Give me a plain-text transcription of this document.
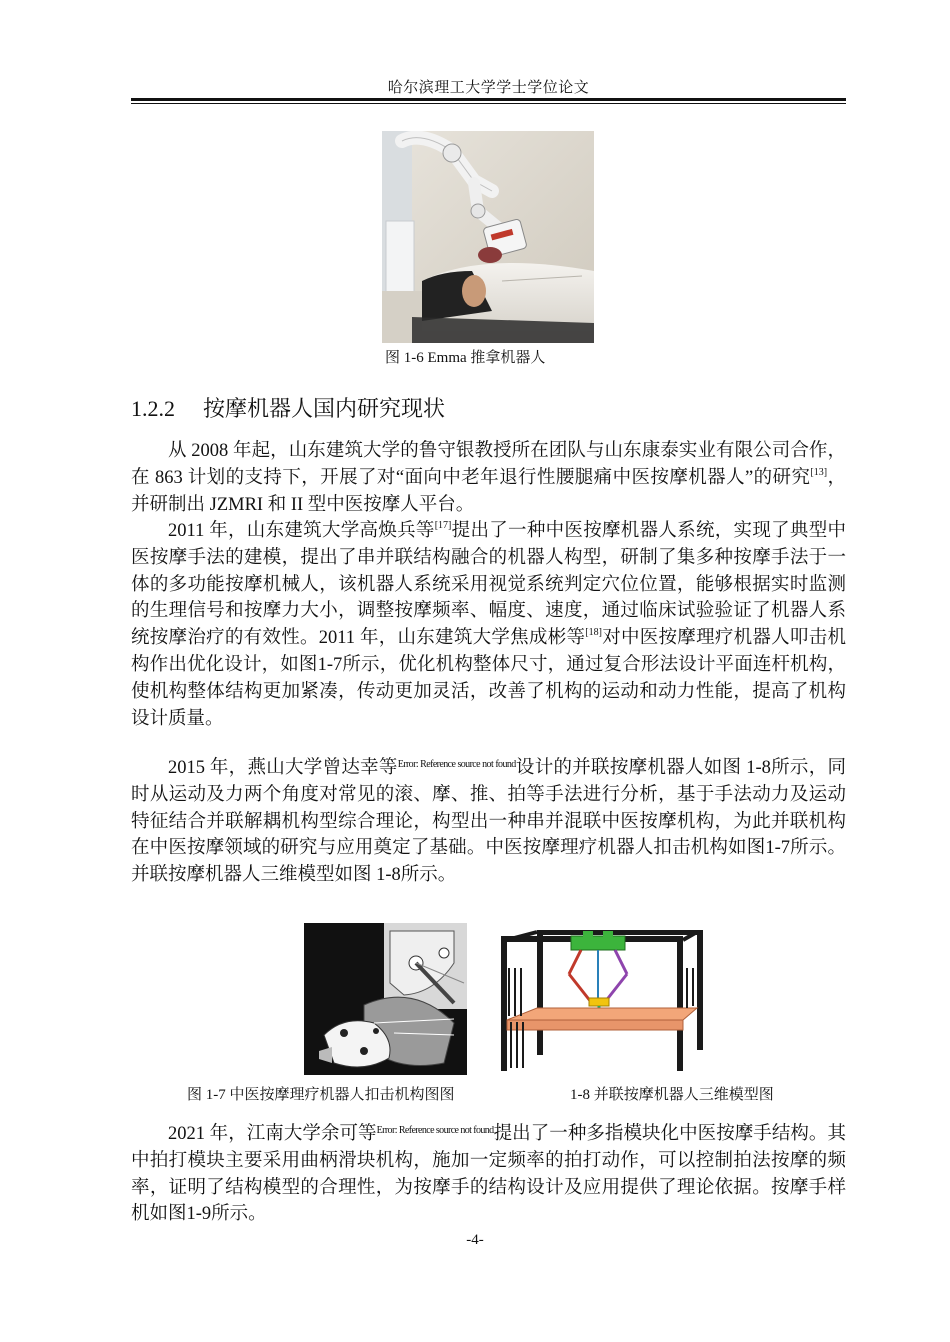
哈尔滨理工大学学士学位论文
图 1-6 Emma 推拿机器人
1.2.2 按摩机器人国内研究现状

从 2008 年起，山东建筑大学的鲁守银教授所在团队与山东康泰实业有限公司合作，在 863 计划的支持下，开展了对“面向中老年退行性腰腿痛中医按摩机器人”的研究[13]，并研制出 JZMRI 和 II 型中医按摩人平台。

2011 年，山东建筑大学高焕兵等[17]提出了一种中医按摩机器人系统，实现了典型中医按摩手法的建模，提出了串并联结构融合的机器人构型，研制了集多种按摩手法于一体的多功能按摩机械人，该机器人系统采用视觉系统判定穴位位置，能够根据实时监测的生理信号和按摩力大小，调整按摩频率、幅度、速度，通过临床试验验证了机器人系统按摩治疗的有效性。2011 年，山东建筑大学焦成彬等[18]对中医按摩理疗机器人叩击机构作出优化设计，如图1-7所示，优化机构整体尺寸，通过复合形法设计平面连杆机构，使机构整体结构更加紧凑，传动更加灵活，改善了机构的运动和动力性能，提高了机构设计质量。

2015 年，燕山大学曾达幸等$^{Error: Reference source not found}$设计的并联按摩机器人如图 1-8所示，同时从运动及力两个角度对常见的滚、摩、推、拍等手法进行分析，基于手法动力及运动特征结合并联解耦机构型综合理论，构型出一种串并混联中医按摩机构，为此并联机构在中医按摩领域的研究与应用奠定了基础。中医按摩理疗机器人扣击机构如图1-7所示。并联按摩机器人三维模型如图 1-8所示。

图 1-7 中医按摩理疗机器人扣击机构图图	1-8 并联按摩机器人三维模型图

2021 年，江南大学余可等$^{Error: Reference source not found}$提出了一种多指模块化中医按摩手结构。其中拍打模块主要采用曲柄滑块机构，施加一定频率的拍打动作，可以控制拍法按摩的频率，证明了结构模型的合理性，为按摩手的结构设计及应用提供了理论依据。按摩手样机如图1-9所示。

-4-
